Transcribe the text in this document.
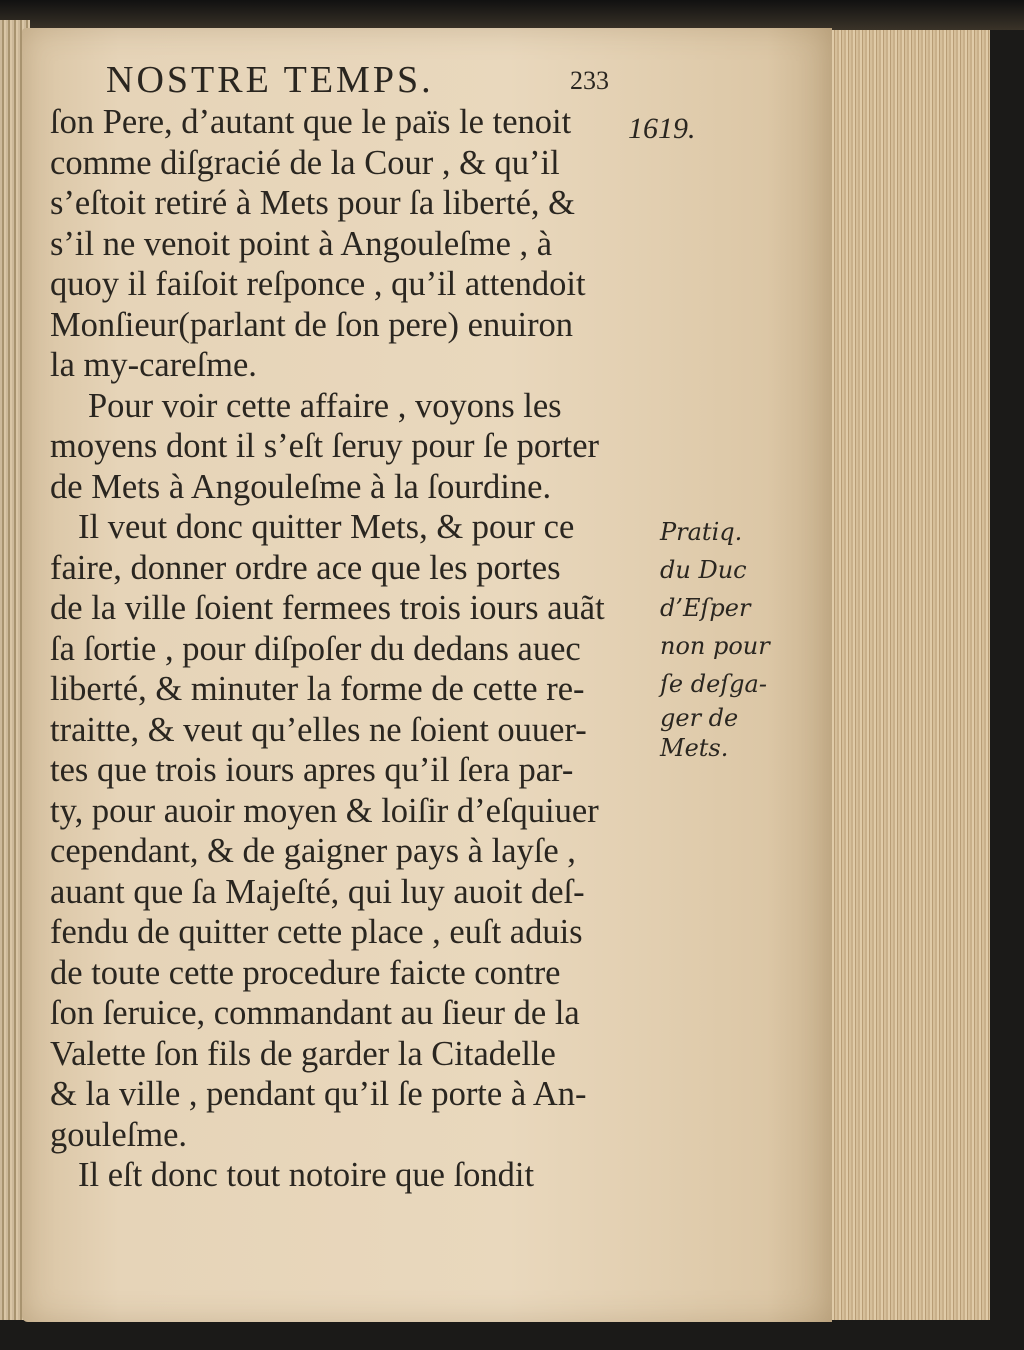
NOSTRE TEMPS.	233
ſon Pere, d’autant que le païs le tenoit
comme diſgracié de la Cour , & qu’il
s’eſtoit retiré à Mets pour ſa liberté, &
s’il ne venoit point à Angouleſme , à
quoy il faiſoit reſponce , qu’il attendoit
Monſieur(parlant de ſon pere) enuiron
la my-careſme.
Pour voir cette affaire , voyons les
moyens dont il s’eſt ſeruy pour ſe porter
de Mets à Angouleſme à la ſourdine.
Il veut donc quitter Mets, & pour ce
faire, donner ordre ace que les portes
de la ville ſoient fermees trois iours auãt
ſa ſortie , pour diſpoſer du dedans auec
liberté, & minuter la forme de cette re-
traitte, & veut qu’elles ne ſoient ouuer-
tes que trois iours apres qu’il ſera par-
ty, pour auoir moyen & loiſir d’eſquiuer
cependant, & de gaigner pays à layſe ,
auant que ſa Majeſté, qui luy auoit deſ-
fendu de quitter cette place , euſt aduis
de toute cette procedure faicte contre
ſon ſeruice, commandant au ſieur de la
Valette ſon fils de garder la Citadelle
& la ville , pendant qu’il ſe porte à An-
gouleſme.
Il eſt donc tout notoire que ſondit
1619.
Pratiq.
du Duc
d’Eſper
non pour
ſe deſga-
ger de
Mets.
